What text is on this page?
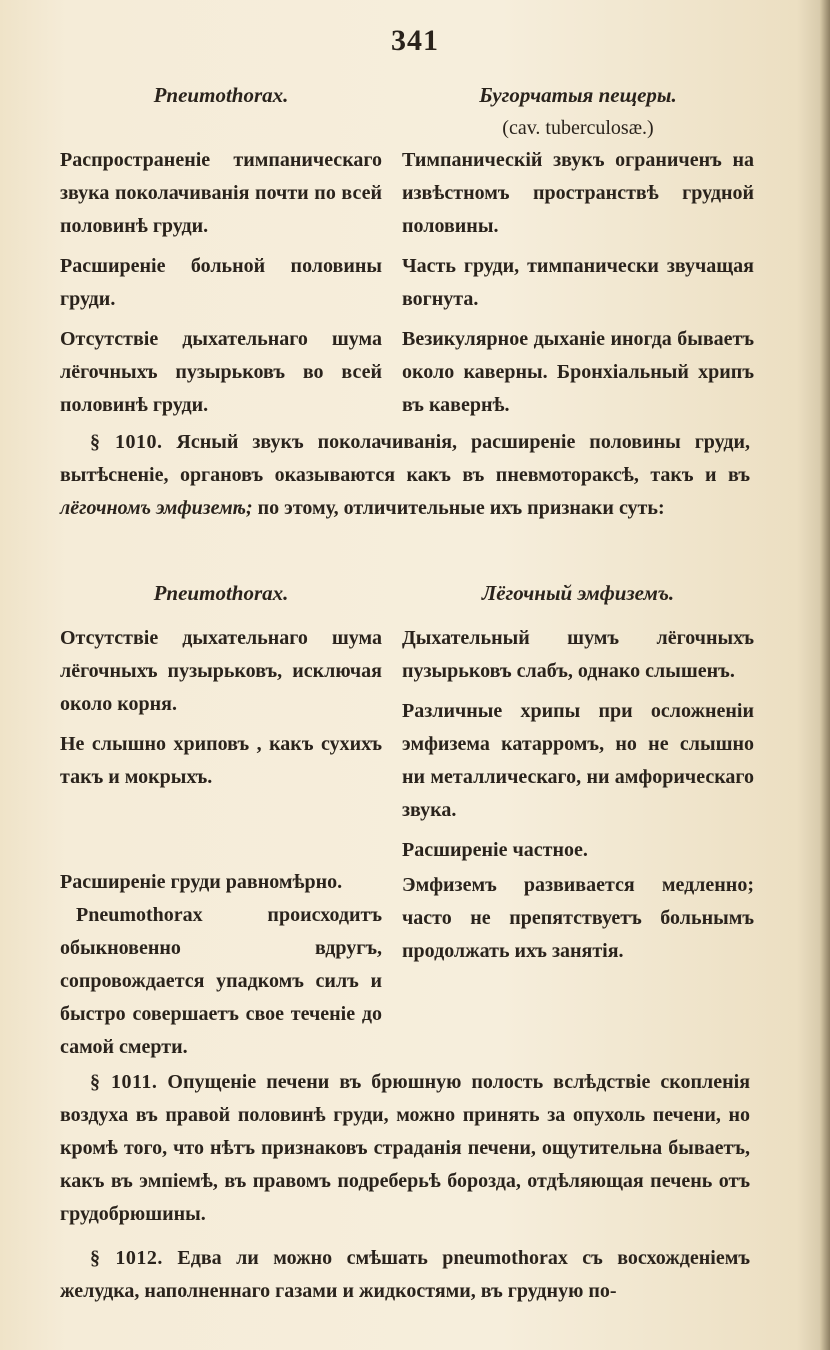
341
Pneumothorax.

Распространеніе тимпаническаго звука поколачиванія почти по всей половинѣ груди.

Расширеніе больной половины груди.

Отсутствіе дыхательнаго шума лёгочныхъ пузырьковъ во всей половинѣ груди.

Бугорчатыя пещеры.
(cav. tuberculosæ.)

Тимпаническій звукъ ограниченъ на извѣстномъ пространствѣ грудной половины.

Часть груди, тимпанически звучащая вогнута.

Везикулярное дыханіе иногда бываетъ около каверны. Бронхіальный хрипъ въ кавернѣ.

§ 1010. Ясный звукъ поколачиванія, расширеніе половины груди, вытѣсненіе, органовъ оказываются какъ въ пневмотораксѣ, такъ и въ лёгочномъ эмфиземѣ; по этому, отличительные ихъ признаки суть:

Pneumothorax.

Отсутствіе дыхательнаго шума лёгочныхъ пузырьковъ, исключая около корня.

Не слышно хриповъ , какъ сухихъ такъ и мокрыхъ.

Расширеніе груди равномѣрно.

Pneumothorax происходитъ обыкновенно вдругъ, сопровождается упадкомъ силъ и быстро совершаетъ свое теченіе до самой смерти.

Лёгочный эмфиземъ.

Дыхательный шумъ лёгочныхъ пузырьковъ слабъ, однако слышенъ.

Различные хрипы при осложненіи эмфизема катарромъ, но не слышно ни металлическаго, ни амфорическаго звука.

Расширеніе частное.

Эмфиземъ развивается медленно; часто не препятствуетъ больнымъ продолжать ихъ занятія.

§ 1011. Опущеніе печени въ брюшную полость вслѣдствіе скопленія воздуха въ правой половинѣ груди, можно принять за опухоль печени, но кромѣ того, что нѣтъ признаковъ страданія печени, ощутительна бываетъ, какъ въ эмпіемѣ, въ правомъ подреберьѣ борозда, отдѣляющая печень отъ грудобрюшины.

§ 1012. Едва ли можно смѣшать pneumothorax съ восхожденіемъ желудка, наполненнаго газами и жидкостями, въ грудную по-
